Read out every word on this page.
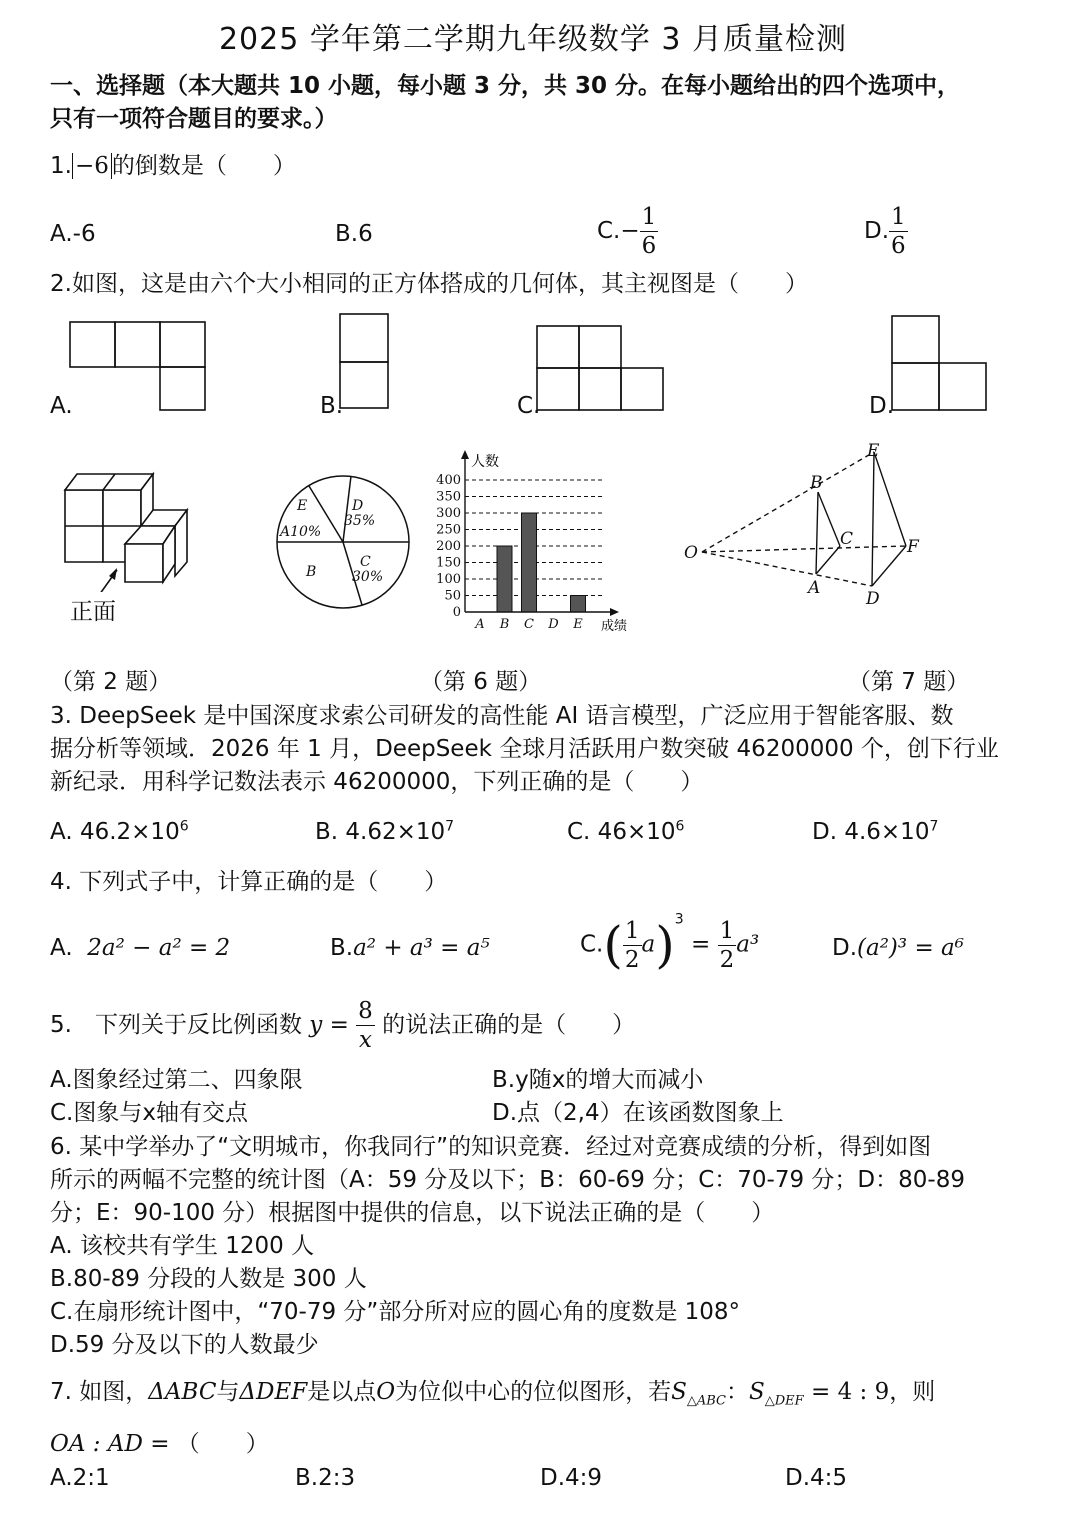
2025 学年第二学期九年级数学 3 月质量检测
一、选择题（本大题共 10 小题，每小题 3 分，共 30 分。在每小题给出的四个选项中，
只有一项符合题目的要求。）
1. −6 的倒数是（　　）
A.-6	B.6	$C.- \frac{1}{6}$	D. $\frac{1}{6}$
2.如图，这是由六个大小相同的正方体搭成的几何体，其主视图是（　　）
A.	B.	C.	D.
正面
E
A10%
D
35%
B
C
30%
400
350
300
250
200
150
100
50
0
A B C D E
人数
成绩
O
B
A
C
E
D
F
（第 2 题）	（第 6 题）	（第 7 题）
3. DeepSeek 是中国深度求索公司研发的高性能 AI 语言模型，广泛应用于智能客服、数
据分析等领域．2026 年 1 月，DeepSeek 全球月活跃用户数突破 46200000 个，创下行业
新纪录．用科学记数法表示 46200000，下列正确的是（　　）
A. $46.2\times 10^6$	B. $4.62\times 10^7$	C. $46\times 10^6$	D. $4.6\times 10^7$
4. 下列式子中，计算正确的是（　　）
A. 2a² − a² = 2	B.a² + a³ = a⁵	$C.( \frac{1}{2} a)^3 = \frac{1}{2} a^3$	D.(a²)³ = a⁶
5.　下列关于反比例函数 $y = \frac{8}{x}$ 的说法正确的是（　　）
A.图象经过第二、四象限	B.y随x的增大而减小
C.图象与x轴有交点	D.点（2,4）在该函数图象上
6. 某中学举办了“文明城市，你我同行”的知识竞赛．经过对竞赛成绩的分析，得到如图
所示的两幅不完整的统计图（A：59 分及以下；B：60-69 分；C：70-79 分；D：80-89
分；E：90-100 分）根据图中提供的信息，以下说法正确的是（　　）
A. 该校共有学生 1200 人
B.80-89 分段的人数是 300 人
C.在扇形统计图中，“70-79 分”部分所对应的圆心角的度数是 108°
D.59 分及以下的人数最少
7. 如图，ΔABC与ΔDEF是以点O为位似中心的位似图形，若$S_{\triangle ABC}$：$S_{\triangle DEF} = 4$ : 9，则
OA : AD = （　　）
A.2:1	B.2:3	D.4:9	D.4:5
